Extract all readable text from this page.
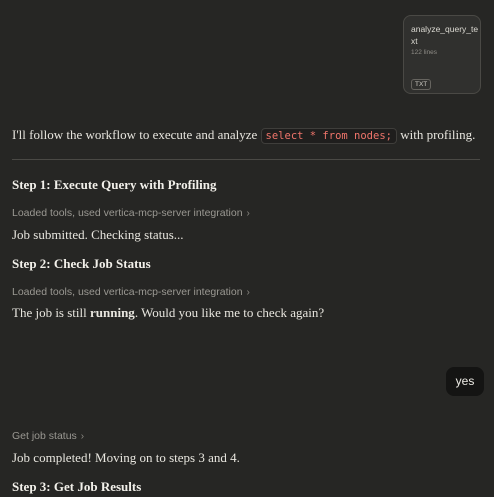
analyze_query_text
122 lines
TXT
I'll follow the workflow to execute and analyze select * from nodes; with profiling.
Step 1: Execute Query with Profiling
Loaded tools, used vertica-mcp-server integration ›
Job submitted. Checking status...
Step 2: Check Job Status
Loaded tools, used vertica-mcp-server integration ›
The job is still running. Would you like me to check again?
yes
Get job status ›
Job completed! Moving on to steps 3 and 4.
Step 3: Get Job Results
